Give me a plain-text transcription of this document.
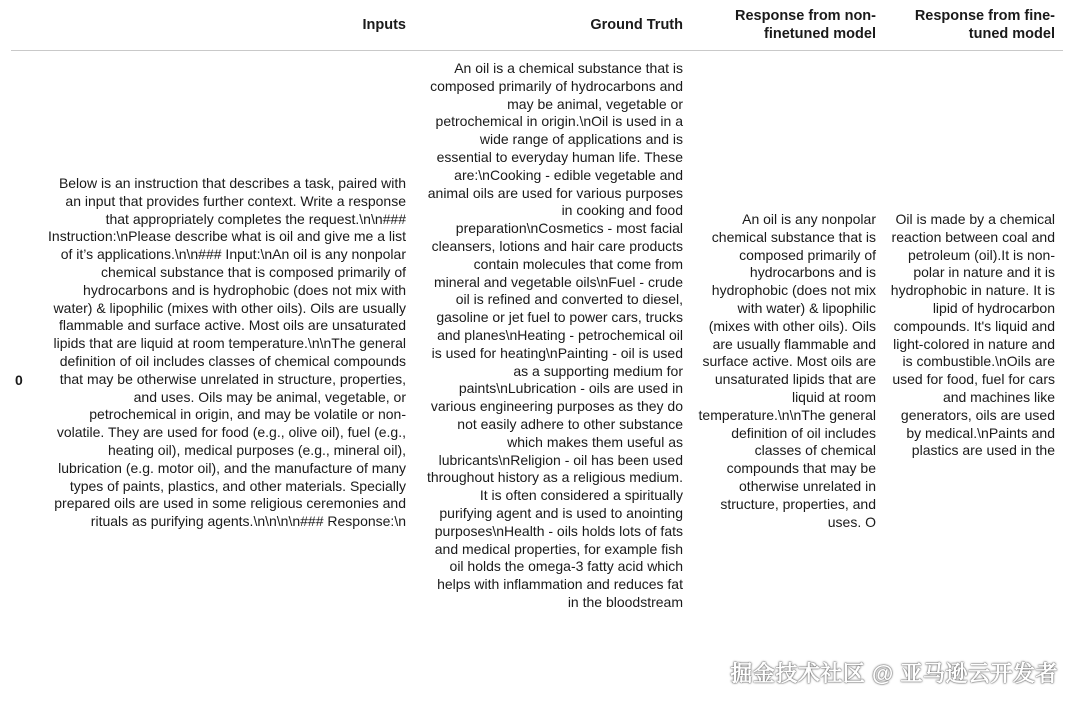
Inputs	Ground Truth
Response from non-finetuned model
Response from fine-tuned model
0
Below is an instruction that describes a task, paired with an input that provides further context. Write a response that appropriately completes the request.\n\n### Instruction:\nPlease describe what is oil and give me a list of it’s applications.\n\n### Input:\nAn oil is any nonpolar chemical substance that is composed primarily of hydrocarbons and is hydrophobic (does not mix with water) & lipophilic (mixes with other oils). Oils are usually flammable and surface active. Most oils are unsaturated lipids that are liquid at room temperature.\n\nThe general definition of oil includes classes of chemical compounds that may be otherwise unrelated in structure, properties, and uses. Oils may be animal, vegetable, or petrochemical in origin, and may be volatile or non-volatile. They are used for food (e.g., olive oil), fuel (e.g., heating oil), medical purposes (e.g., mineral oil), lubrication (e.g. motor oil), and the manufacture of many types of paints, plastics, and other materials. Specially prepared oils are used in some religious ceremonies and rituals as purifying agents.\n\n\n\n### Response:\n
An oil is a chemical substance that is composed primarily of hydrocarbons and may be animal, vegetable or petrochemical in origin.\nOil is used in a wide range of applications and is essential to everyday human life. These are:\nCooking - edible vegetable and animal oils are used for various purposes in cooking and food preparation\nCosmetics - most facial cleansers, lotions and hair care products contain molecules that come from mineral and vegetable oils\nFuel - crude oil is refined and converted to diesel, gasoline or jet fuel to power cars, trucks and planes\nHeating - petrochemical oil is used for heating\nPainting - oil is used as a supporting medium for paints\nLubrication - oils are used in various engineering purposes as they do not easily adhere to other substance which makes them useful as lubricants\nReligion - oil has been used throughout history as a religious medium. It is often considered a spiritually purifying agent and is used to anointing purposes\nHealth - oils holds lots of fats and medical properties, for example fish oil holds the omega-3 fatty acid which helps with inflammation and reduces fat in the bloodstream
An oil is any nonpolar chemical substance that is composed primarily of hydrocarbons and is hydrophobic (does not mix with water) & lipophilic (mixes with other oils). Oils are usually flammable and surface active. Most oils are unsaturated lipids that are liquid at room temperature.\n\nThe general definition of oil includes classes of chemical compounds that may be otherwise unrelated in structure, properties, and uses. O
Oil is made by a chemical reaction between coal and petroleum (oil).It is non-polar in nature and it is hydrophobic in nature. It is lipid of hydrocarbon compounds. It's liquid and light-colored in nature and is combustible.\nOils are used for food, fuel for cars and machines like generators, oils are used by medical.\nPaints and plastics are used in the
掘金技术社区 @ 亚马逊云开发者
